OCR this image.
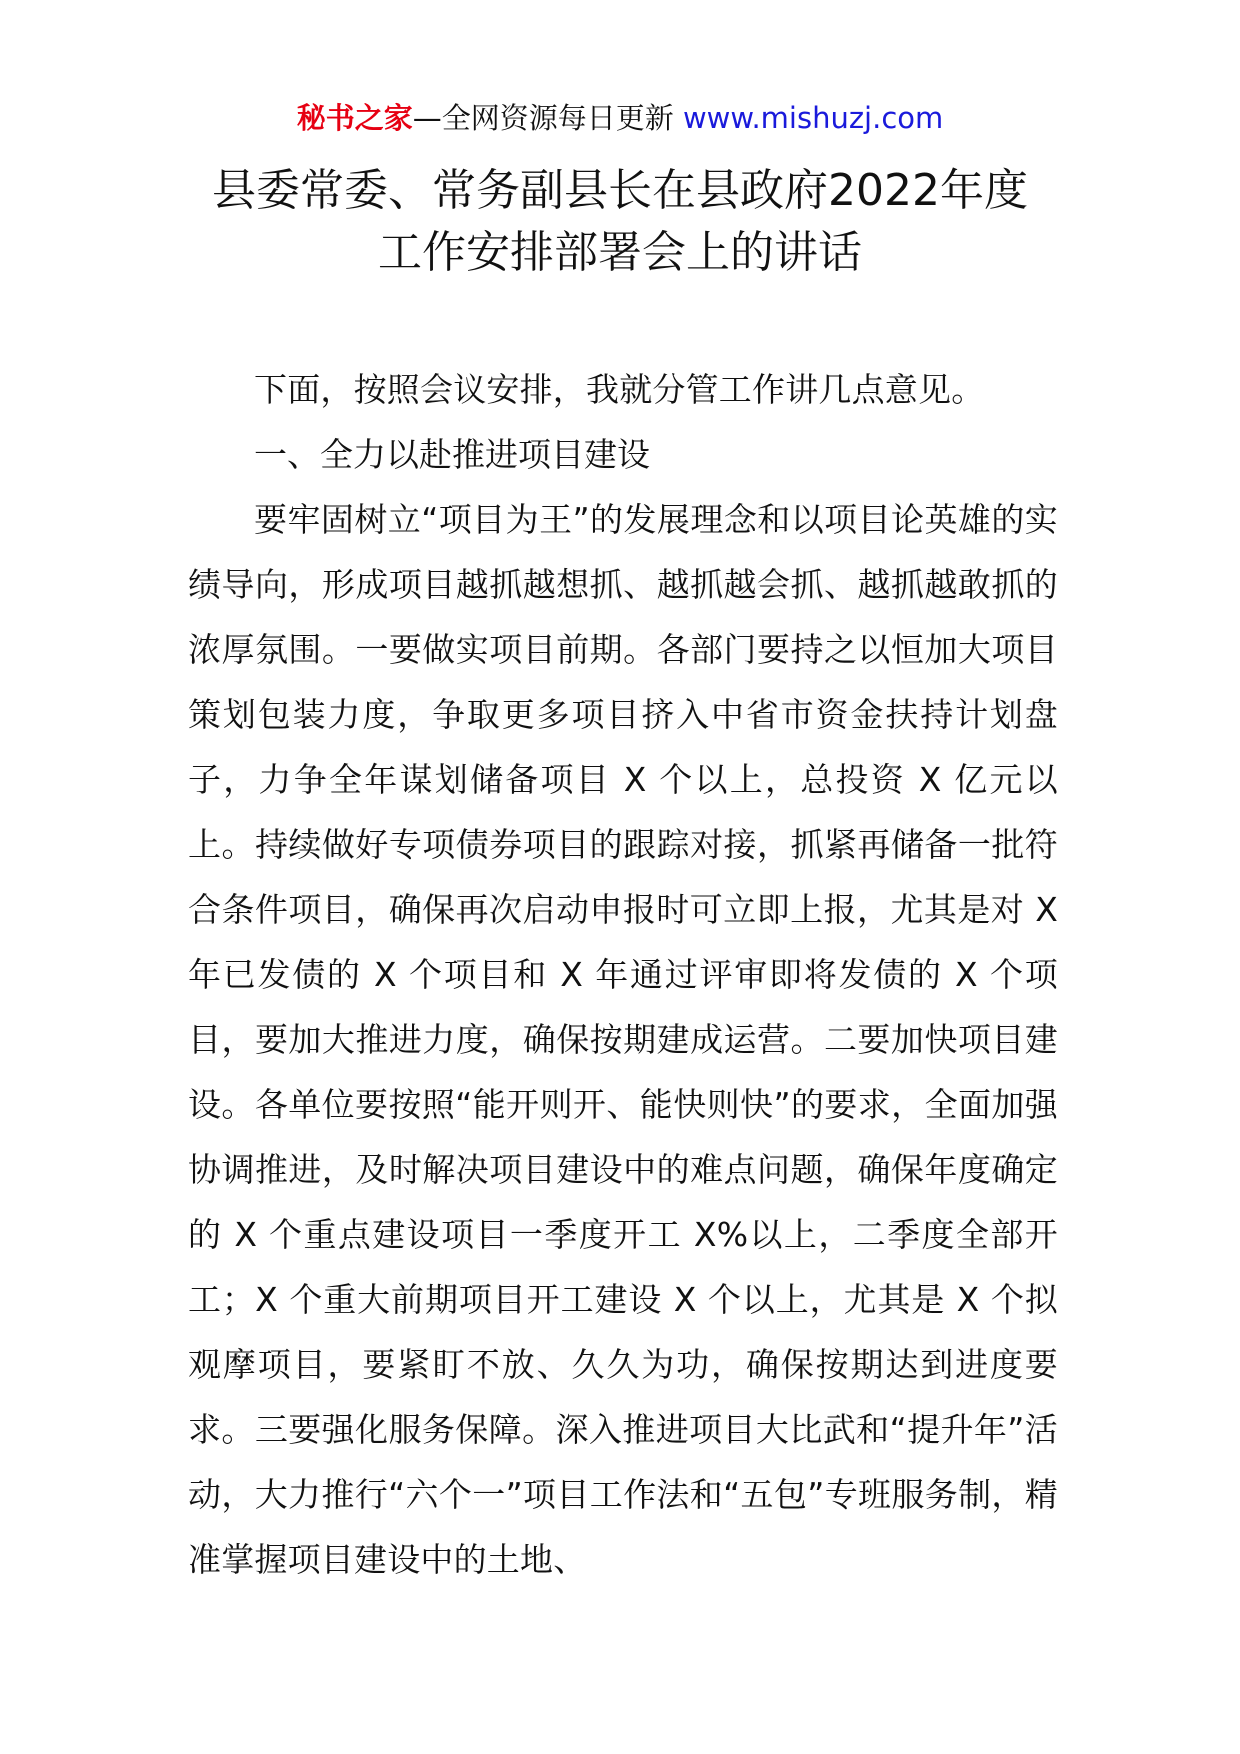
秘书之家—全网资源每日更新 www.mishuzj.com
县委常委、常务副县长在县政府2022年度
工作安排部署会上的讲话

下面，按照会议安排，我就分管工作讲几点意见。

一、全力以赴推进项目建设

要牢固树立“项目为王”的发展理念和以项目论英雄的实绩导向，形成项目越抓越想抓、越抓越会抓、越抓越敢抓的浓厚氛围。一要做实项目前期。各部门要持之以恒加大项目策划包装力度，争取更多项目挤入中省市资金扶持计划盘子，力争全年谋划储备项目 X 个以上，总投资 X 亿元以上。持续做好专项债券项目的跟踪对接，抓紧再储备一批符合条件项目，确保再次启动申报时可立即上报，尤其是对 X 年已发债的 X 个项目和 X 年通过评审即将发债的 X 个项目，要加大推进力度，确保按期建成运营。二要加快项目建设。各单位要按照“能开则开、能快则快”的要求，全面加强协调推进，及时解决项目建设中的难点问题，确保年度确定的 X 个重点建设项目一季度开工 X%以上，二季度全部开工；X 个重大前期项目开工建设 X 个以上，尤其是 X 个拟观摩项目，要紧盯不放、久久为功，确保按期达到进度要求。三要强化服务保障。深入推进项目大比武和“提升年”活动，大力推行“六个一”项目工作法和“五包”专班服务制，精准掌握项目建设中的土地、
